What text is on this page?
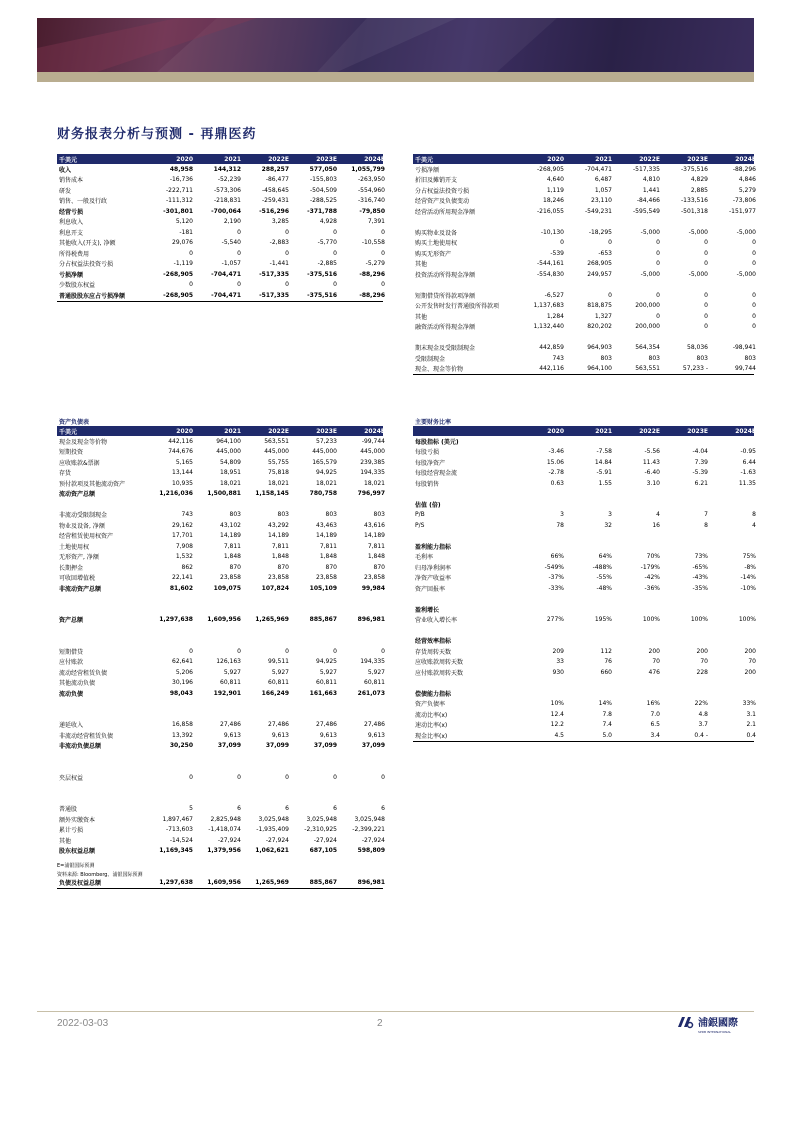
财务报表分析与预测 - 再鼎医药
千美元	2020	2021	2022E	2023E	2024E
收入	48,958	144,312	288,257	577,050	1,055,799
销售成本	-16,736	-52,239	-86,477	-155,803	-263,950
研发	-222,711	-573,306	-458,645	-504,509	-554,960
销售、一般及行政	-111,312	-218,831	-259,431	-288,525	-316,740
经营亏损	-301,801	-700,064	-516,296	-371,788	-79,850
利息收入	5,120	2,190	3,285	4,928	7,391
利息开支	-181	0	0	0	0
其他收入(开支), 净额	29,076	-5,540	-2,883	-5,770	-10,558
所得税费用	0	0	0	0	0
分占权益法投资亏损	-1,119	-1,057	-1,441	-2,885	-5,279
亏损净额	-268,905	-704,471	-517,335	-375,516	-88,296
少数股东权益	0	0	0	0	0
普通股股东应占亏损净额	-268,905	-704,471	-517,335	-375,516	-88,296
千美元	2020	2021	2022E	2023E	2024E
亏损净额	-268,905	-704,471	-517,335	-375,516	-88,296
折旧及摊销开支	4,640	6,487	4,810	4,829	4,846
分占权益法投资亏损	1,119	1,057	1,441	2,885	5,279
经营资产及负债变动	18,246	23,110	-84,466	-133,516	-73,806
经营活动所用现金净额	-216,055	-549,231	-595,549	-501,318	-151,977
购买物业及设备	-10,130	-18,295	-5,000	-5,000	-5,000
购买土地使用权	0	0	0	0	0
购买无形资产	-539	-653	0	0	0
其他	-544,161	268,905	0	0	0
投资活动所得现金净额	-554,830	249,957	-5,000	-5,000	-5,000
短期借贷所得款项净额	-6,527	0	0	0	0
公开发售时发行普通股所得款项	1,137,683	818,875	200,000	0	0
其他	1,284	1,327	0	0	0
融资活动所得现金净额	1,132,440	820,202	200,000	0	0
期末现金及受限制现金	442,859	964,903	564,354	58,036	-98,941
受限制现金	743	803	803	803	803
现金、现金等价物	442,116	964,100	563,551	57,233 -	99,744
资产负债表
千美元	2020	2021	2022E	2023E	2024E
现金及现金等价物	442,116	964,100	563,551	57,233	-99,744
短期投资	744,676	445,000	445,000	445,000	445,000
应收账款&票据	5,165	54,809	55,755	165,579	239,385
存货	13,144	18,951	75,818	94,925	194,335
预付款项及其他流动资产	10,935	18,021	18,021	18,021	18,021
流动资产总额	1,216,036	1,500,881	1,158,145	780,758	796,997
非流动受限制现金	743	803	803	803	803
物业及设备, 净额	29,162	43,102	43,292	43,463	43,616
经营租赁使用权资产	17,701	14,189	14,189	14,189	14,189
土地使用权	7,908	7,811	7,811	7,811	7,811
无形资产, 净额	1,532	1,848	1,848	1,848	1,848
长期押金	862	870	870	870	870
可收回增值税	22,141	23,858	23,858	23,858	23,858
非流动资产总额	81,602	109,075	107,824	105,109	99,984
资产总额	1,297,638	1,609,956	1,265,969	885,867	896,981
短期借贷	0	0	0	0	0
应付账款	62,641	126,163	99,511	94,925	194,335
流动经营租赁负债	5,206	5,927	5,927	5,927	5,927
其他流动负债	30,196	60,811	60,811	60,811	60,811
流动负债	98,043	192,901	166,249	161,663	261,073
递延收入	16,858	27,486	27,486	27,486	27,486
非流动经营租赁负债	13,392	9,613	9,613	9,613	9,613
非流动负债总额	30,250	37,099	37,099	37,099	37,099
夹层权益	0	0	0	0	0
普通股	5	6	6	6	6
额外实缴资本	1,897,467	2,825,948	3,025,948	3,025,948	3,025,948
累计亏损	-713,603	-1,418,074	-1,935,409	-2,310,925	-2,399,221
其他	-14,524	-27,924	-27,924	-27,924	-27,924
股东权益总额	1,169,345	1,379,956	1,062,621	687,105	598,809
负债及权益总额	1,297,638	1,609,956	1,265,969	885,867	896,981
主要财务比率
2020	2021	2022E	2023E	2024E
每股指标 (美元)
每股亏损	-3.46	-7.58	-5.56	-4.04	-0.95
每股净资产	15.06	14.84	11.43	7.39	6.44
每股经营现金流	-2.78	-5.91	-6.40	-5.39	-1.63
每股销售	0.63	1.55	3.10	6.21	11.35
估值 (倍)
P/B	3	3	4	7	8
P/S	78	32	16	8	4
盈利能力指标
毛利率	66%	64%	70%	73%	75%
归母净利润率	-549%	-488%	-179%	-65%	-8%
净资产收益率	-37%	-55%	-42%	-43%	-14%
资产回报率	-33%	-48%	-36%	-35%	-10%
盈利增长
营业收入增长率	277%	195%	100%	100%	100%
经营效率指标
存货周转天数	209	112	200	200	200
应收账款周转天数	33	76	70	70	70
应付账款周转天数	930	660	476	228	200
偿债能力指标
资产负债率	10%	14%	16%	22%	33%
流动比率(x)	12.4	7.8	7.0	4.8	3.1
速动比率(x)	12.2	7.4	6.5	3.7	2.1
现金比率(x)	4.5	5.0	3.4	0.4 -	0.4
E=浦银国际预测
资料来源: Bloomberg、浦银国际预测
2022-03-03	2	浦銀國際
SPDB INTERNATIONAL
